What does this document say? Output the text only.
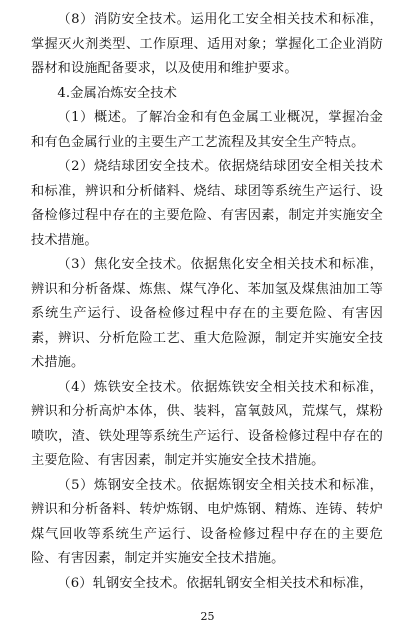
（8）消防安全技术。运用化工安全相关技术和标准，掌握灭火剂类型、工作原理、适用对象；掌握化工企业消防器材和设施配备要求，以及使用和维护要求。

4.金属冶炼安全技术

（1）概述。了解冶金和有色金属工业概况，掌握冶金和有色金属行业的主要生产工艺流程及其安全生产特点。

（2）烧结球团安全技术。依据烧结球团安全相关技术和标准，辨识和分析储料、烧结、球团等系统生产运行、设备检修过程中存在的主要危险、有害因素，制定并实施安全技术措施。

（3）焦化安全技术。依据焦化安全相关技术和标准，辨识和分析备煤、炼焦、煤气净化、苯加氢及煤焦油加工等系统生产运行、设备检修过程中存在的主要危险、有害因素，辨识、分析危险工艺、重大危险源，制定并实施安全技术措施。

（4）炼铁安全技术。依据炼铁安全相关技术和标准，辨识和分析高炉本体，供、装料，富氧鼓风，荒煤气，煤粉喷吹，渣、铁处理等系统生产运行、设备检修过程中存在的主要危险、有害因素，制定并实施安全技术措施。

（5）炼钢安全技术。依据炼钢安全相关技术和标准，辨识和分析备料、转炉炼钢、电炉炼钢、精炼、连铸、转炉煤气回收等系统生产运行、设备检修过程中存在的主要危险、有害因素，制定并实施安全技术措施。

（6）轧钢安全技术。依据轧钢安全相关技术和标准，

25
